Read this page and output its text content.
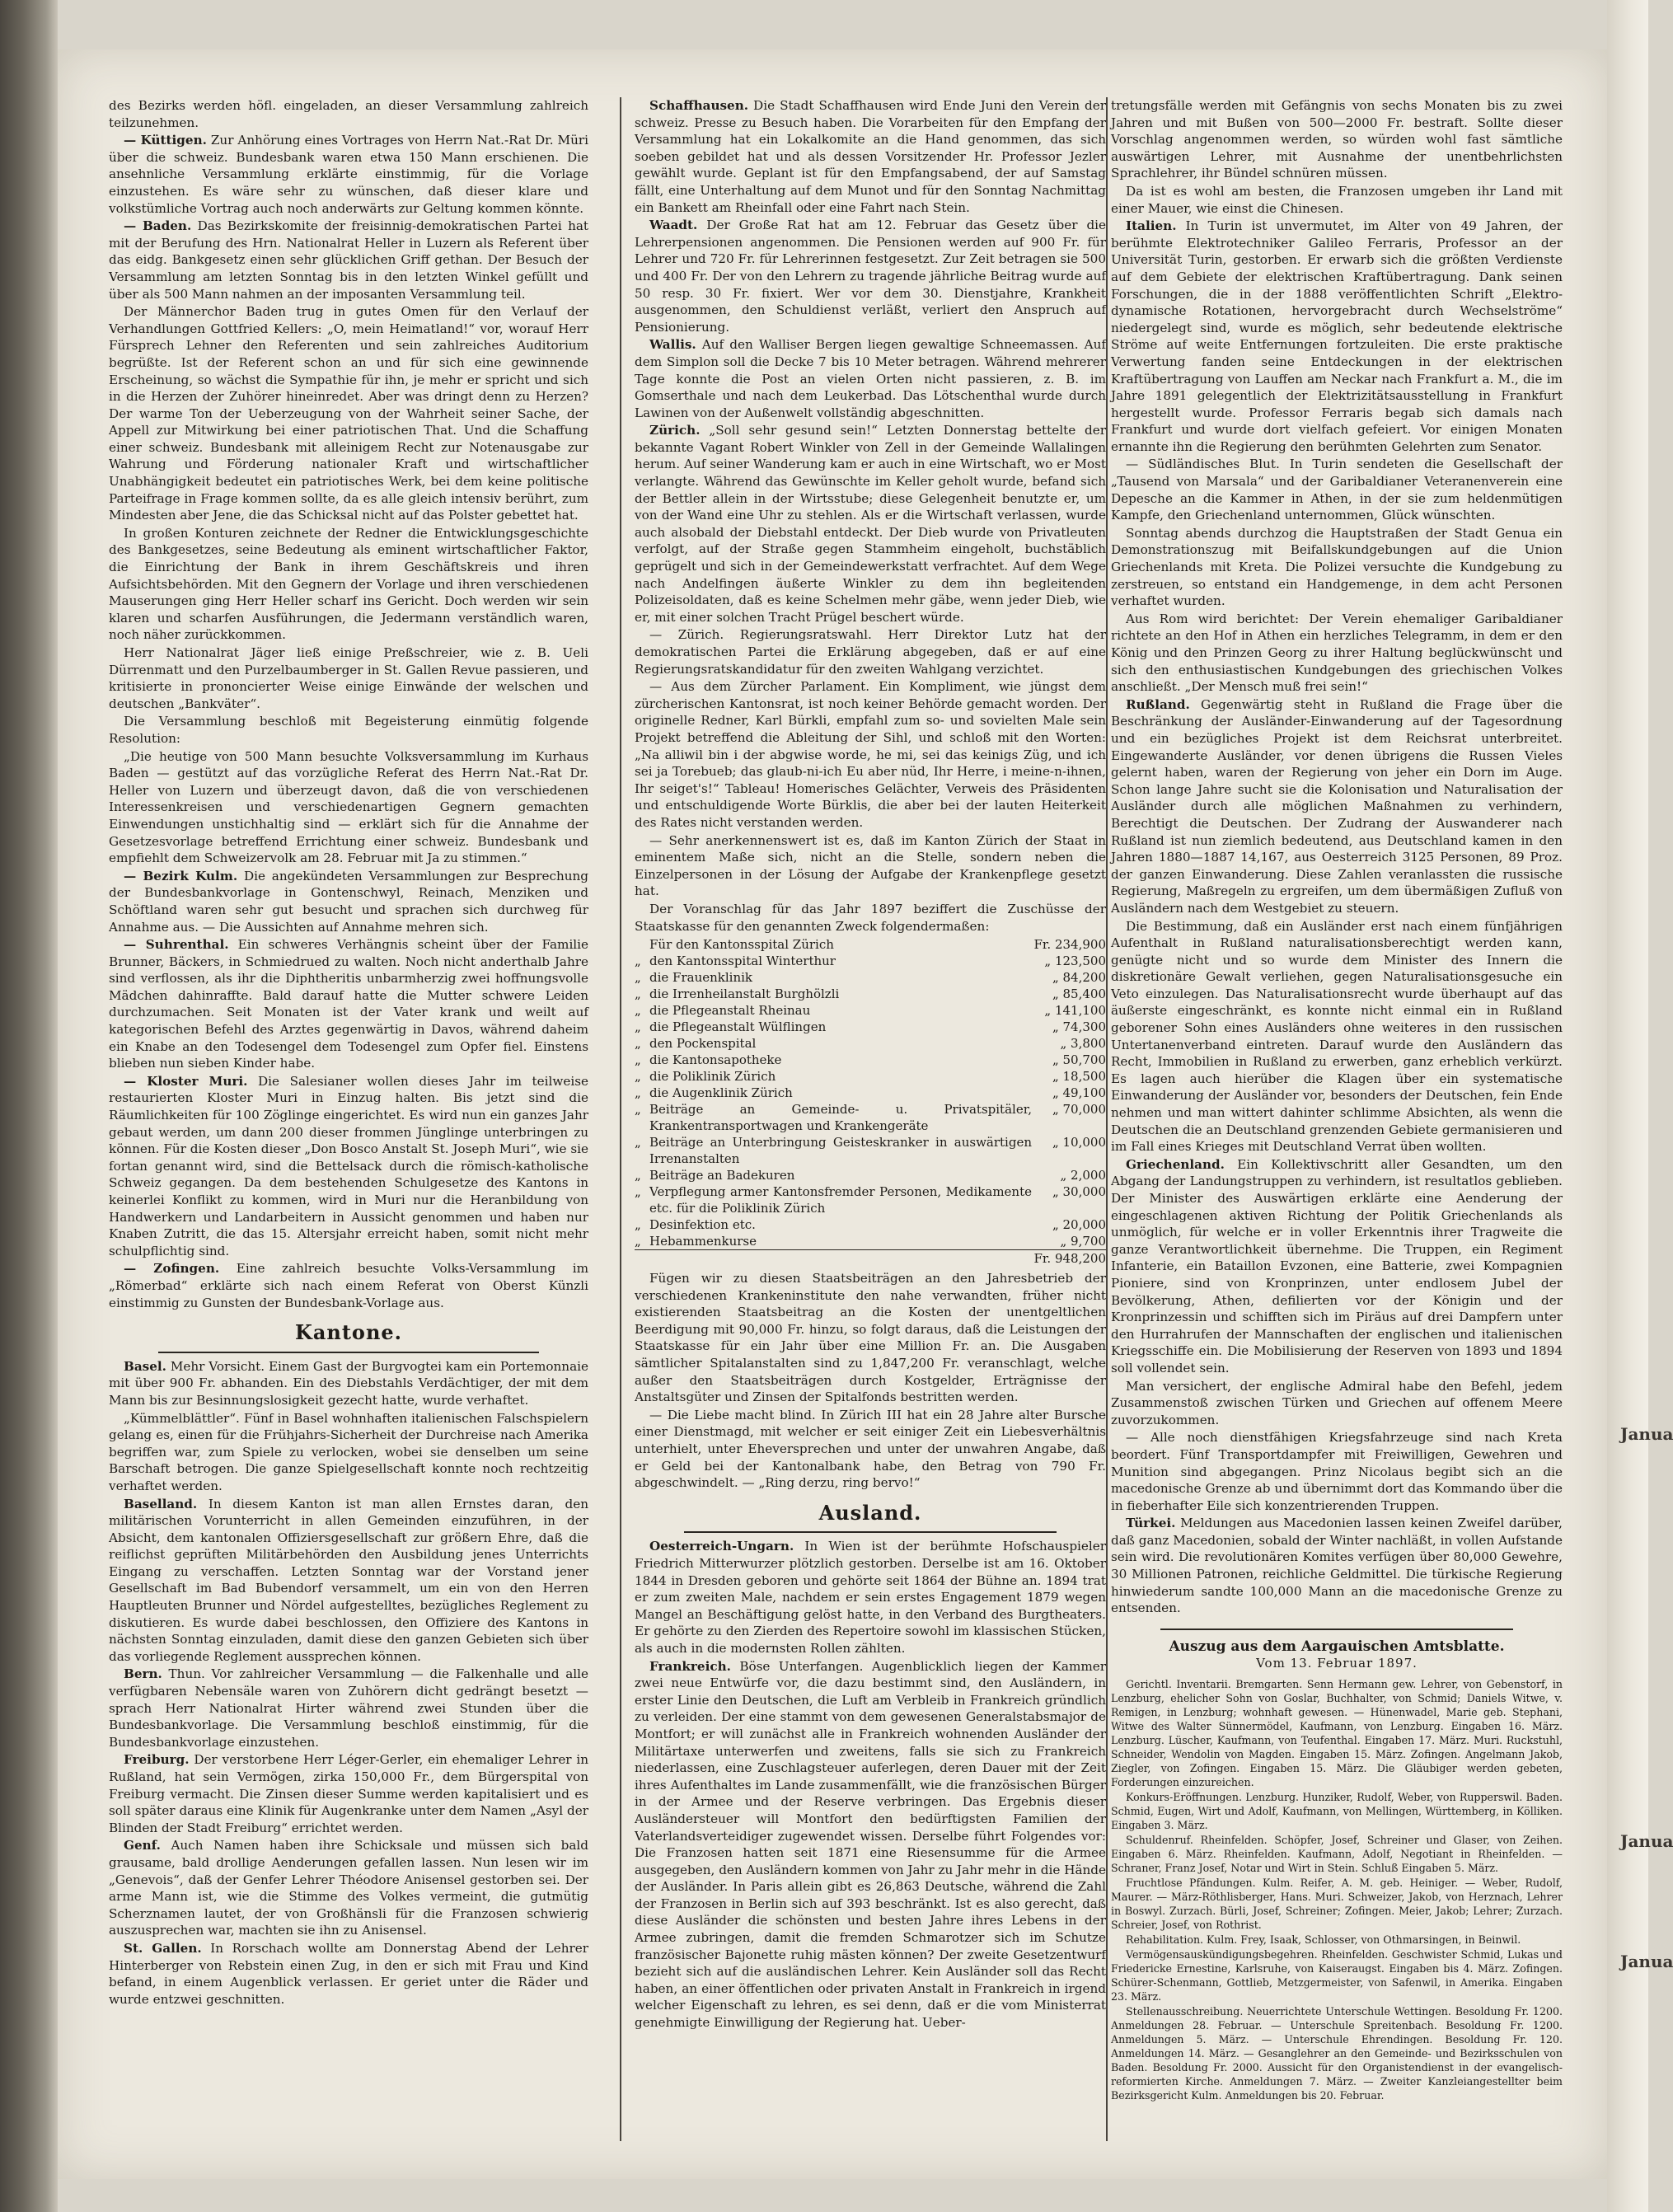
Janua
Janua
Janua

des Bezirks werden höfl. eingeladen, an dieser Versammlung zahlreich teilzunehmen.

— Küttigen. Zur Anhörung eines Vortrages von Herrn Nat.-Rat Dr. Müri über die schweiz. Bundesbank waren etwa 150 Mann erschienen. Die ansehnliche Versammlung erklärte einstimmig, für die Vorlage einzustehen. Es wäre sehr zu wünschen, daß dieser klare und volkstümliche Vortrag auch noch anderwärts zur Geltung kommen könnte.

— Baden. Das Bezirkskomite der freisinnig-demokratischen Partei hat mit der Berufung des Hrn. Nationalrat Heller in Luzern als Referent über das eidg. Bankgesetz einen sehr glücklichen Griff gethan. Der Besuch der Versammlung am letzten Sonntag bis in den letzten Winkel gefüllt und über als 500 Mann nahmen an der imposanten Versammlung teil.

Der Männerchor Baden trug in gutes Omen für den Verlauf der Verhandlungen Gottfried Kellers: „O, mein Heimatland!“ vor, worauf Herr Fürsprech Lehner den Referenten und sein zahlreiches Auditorium begrüßte. Ist der Referent schon an und für sich eine gewinnende Erscheinung, so wächst die Sympathie für ihn, je mehr er spricht und sich in die Herzen der Zuhörer hineinredet. Aber was dringt denn zu Herzen? Der warme Ton der Ueberzeugung von der Wahrheit seiner Sache, der Appell zur Mitwirkung bei einer patriotischen That. Und die Schaffung einer schweiz. Bundesbank mit alleinigem Recht zur Notenausgabe zur Wahrung und Förderung nationaler Kraft und wirtschaftlicher Unabhängigkeit bedeutet ein patriotisches Werk, bei dem keine politische Parteifrage in Frage kommen sollte, da es alle gleich intensiv berührt, zum Mindesten aber Jene, die das Schicksal nicht auf das Polster gebettet hat.

In großen Konturen zeichnete der Redner die Entwicklungsgeschichte des Bankgesetzes, seine Bedeutung als eminent wirtschaftlicher Faktor, die Einrichtung der Bank in ihrem Geschäftskreis und ihren Aufsichtsbehörden. Mit den Gegnern der Vorlage und ihren verschiedenen Mauserungen ging Herr Heller scharf ins Gericht. Doch werden wir sein klaren und scharfen Ausführungen, die Jedermann verständlich waren, noch näher zurückkommen.

Herr Nationalrat Jäger ließ einige Preßschreier, wie z. B. Ueli Dürrenmatt und den Purzelbaumberger in St. Gallen Revue passieren, und kritisierte in prononcierter Weise einige Einwände der welschen und deutschen „Bankväter“.

Die Versammlung beschloß mit Begeisterung einmütig folgende Resolution:

„Die heutige von 500 Mann besuchte Volksversammlung im Kurhaus Baden — gestützt auf das vorzügliche Referat des Herrn Nat.-Rat Dr. Heller von Luzern und überzeugt davon, daß die von verschiedenen Interessenkreisen und verschiedenartigen Gegnern gemachten Einwendungen unstichhaltig sind — erklärt sich für die Annahme der Gesetzesvorlage betreffend Errichtung einer schweiz. Bundesbank und empfiehlt dem Schweizervolk am 28. Februar mit Ja zu stimmen.“

— Bezirk Kulm. Die angekündeten Versammlungen zur Besprechung der Bundesbankvorlage in Gontenschwyl, Reinach, Menziken und Schöftland waren sehr gut besucht und sprachen sich durchweg für Annahme aus. — Die Aussichten auf Annahme mehren sich.

— Suhrenthal. Ein schweres Verhängnis scheint über der Familie Brunner, Bäckers, in Schmiedrued zu walten. Noch nicht anderthalb Jahre sind verflossen, als ihr die Diphtheritis unbarmherzig zwei hoffnungsvolle Mädchen dahinraffte. Bald darauf hatte die Mutter schwere Leiden durchzumachen. Seit Monaten ist der Vater krank und weilt auf kategorischen Befehl des Arztes gegenwärtig in Davos, während daheim ein Knabe an den Todesengel dem Todesengel zum Opfer fiel. Einstens blieben nun sieben Kinder habe.

— Kloster Muri. Die Salesianer wollen dieses Jahr im teilweise restaurierten Kloster Muri in Einzug halten. Bis jetzt sind die Räumlichkeiten für 100 Zöglinge eingerichtet. Es wird nun ein ganzes Jahr gebaut werden, um dann 200 dieser frommen Jünglinge unterbringen zu können. Für die Kosten dieser „Don Bosco Anstalt St. Joseph Muri“, wie sie fortan genannt wird, sind die Bettelsack durch die römisch-katholische Schweiz gegangen. Da dem bestehenden Schulgesetze des Kantons in keinerlei Konflikt zu kommen, wird in Muri nur die Heranbildung von Handwerkern und Landarbeitern in Aussicht genommen und haben nur Knaben Zutritt, die das 15. Altersjahr erreicht haben, somit nicht mehr schulpflichtig sind.

— Zofingen. Eine zahlreich besuchte Volks-Versammlung im „Römerbad“ erklärte sich nach einem Referat von Oberst Künzli einstimmig zu Gunsten der Bundesbank-Vorlage aus.

Kantone.

Basel. Mehr Vorsicht. Einem Gast der Burgvogtei kam ein Portemonnaie mit über 900 Fr. abhanden. Ein des Diebstahls Verdächtiger, der mit dem Mann bis zur Besinnungslosigkeit gezecht hatte, wurde verhaftet.

„Kümmelblättler“. Fünf in Basel wohnhaften italienischen Falschspielern gelang es, einen für die Frühjahrs-Sicherheit der Durchreise nach Amerika begriffen war, zum Spiele zu verlocken, wobei sie denselben um seine Barschaft betrogen. Die ganze Spielgesellschaft konnte noch rechtzeitig verhaftet werden.

Baselland. In diesem Kanton ist man allen Ernstes daran, den militärischen Vorunterricht in allen Gemeinden einzuführen, in der Absicht, dem kantonalen Offiziersgesellschaft zur größern Ehre, daß die reiflichst geprüften Militärbehörden den Ausbildung jenes Unterrichts Eingang zu verschaffen. Letzten Sonntag war der Vorstand jener Gesellschaft im Bad Bubendorf versammelt, um ein von den Herren Hauptleuten Brunner und Nördel aufgestelltes, bezügliches Reglement zu diskutieren. Es wurde dabei beschlossen, den Offiziere des Kantons in nächsten Sonntag einzuladen, damit diese den ganzen Gebieten sich über das vorliegende Reglement aussprechen können.

Bern. Thun. Vor zahlreicher Versammlung — die Falkenhalle und alle verfügbaren Nebensäle waren von Zuhörern dicht gedrängt besetzt — sprach Herr Nationalrat Hirter während zwei Stunden über die Bundesbankvorlage. Die Versammlung beschloß einstimmig, für die Bundesbankvorlage einzustehen.

Freiburg. Der verstorbene Herr Léger-Gerler, ein ehemaliger Lehrer in Rußland, hat sein Vermögen, zirka 150,000 Fr., dem Bürgerspital von Freiburg vermacht. Die Zinsen dieser Summe werden kapitalisiert und es soll später daraus eine Klinik für Augenkranke unter dem Namen „Asyl der Blinden der Stadt Freiburg“ errichtet werden.

Genf. Auch Namen haben ihre Schicksale und müssen sich bald grausame, bald drollige Aenderungen gefallen lassen. Nun lesen wir im „Genevois“, daß der Genfer Lehrer Théodore Anisensel gestorben sei. Der arme Mann ist, wie die Stimme des Volkes vermeint, die gutmütig Scherznamen lautet, der von Großhänsli für die Franzosen schwierig auszusprechen war, machten sie ihn zu Anisensel.

St. Gallen. In Rorschach wollte am Donnerstag Abend der Lehrer Hinterberger von Rebstein einen Zug, in den er sich mit Frau und Kind befand, in einem Augenblick verlassen. Er geriet unter die Räder und wurde entzwei geschnitten.

Schaffhausen. Die Stadt Schaffhausen wird Ende Juni den Verein der schweiz. Presse zu Besuch haben. Die Vorarbeiten für den Empfang der Versammlung hat ein Lokalkomite an die Hand genommen, das sich soeben gebildet hat und als dessen Vorsitzender Hr. Professor Jezler gewählt wurde. Geplant ist für den Empfangsabend, der auf Samstag fällt, eine Unterhaltung auf dem Munot und für den Sonntag Nachmittag ein Bankett am Rheinfall oder eine Fahrt nach Stein.

Waadt. Der Große Rat hat am 12. Februar das Gesetz über die Lehrerpensionen angenommen. Die Pensionen werden auf 900 Fr. für Lehrer und 720 Fr. für Lehrerinnen festgesetzt. Zur Zeit betragen sie 500 und 400 Fr. Der von den Lehrern zu tragende jährliche Beitrag wurde auf 50 resp. 30 Fr. fixiert. Wer vor dem 30. Dienstjahre, Krankheit ausgenommen, den Schuldienst verläßt, verliert den Anspruch auf Pensionierung.

Wallis. Auf den Walliser Bergen liegen gewaltige Schneemassen. Auf dem Simplon soll die Decke 7 bis 10 Meter betragen. Während mehrerer Tage konnte die Post an vielen Orten nicht passieren, z. B. im Gomserthale und nach dem Leukerbad. Das Lötschenthal wurde durch Lawinen von der Außenwelt vollständig abgeschnitten.

Zürich. „Soll sehr gesund sein!“ Letzten Donnerstag bettelte der bekannte Vagant Robert Winkler von Zell in der Gemeinde Wallalingen herum. Auf seiner Wanderung kam er auch in eine Wirtschaft, wo er Most verlangte. Während das Gewünschte im Keller geholt wurde, befand sich der Bettler allein in der Wirtsstube; diese Gelegenheit benutzte er, um von der Wand eine Uhr zu stehlen. Als er die Wirtschaft verlassen, wurde auch alsobald der Diebstahl entdeckt. Der Dieb wurde von Privatleuten verfolgt, auf der Straße gegen Stammheim eingeholt, buchstäblich geprügelt und sich in der Gemeindewerkstatt verfrachtet. Auf dem Wege nach Andelfingen äußerte Winkler zu dem ihn begleitenden Polizeisoldaten, daß es keine Schelmen mehr gäbe, wenn jeder Dieb, wie er, mit einer solchen Tracht Prügel beschert würde.

— Zürich. Regierungsratswahl. Herr Direktor Lutz hat der demokratischen Partei die Erklärung abgegeben, daß er auf eine Regierungsratskandidatur für den zweiten Wahlgang verzichtet.

— Aus dem Zürcher Parlament. Ein Kompliment, wie jüngst dem zürcherischen Kantonsrat, ist noch keiner Behörde gemacht worden. Der originelle Redner, Karl Bürkli, empfahl zum so- und sovielten Male sein Projekt betreffend die Ableitung der Sihl, und schloß mit den Worten: „Na alliwil bin i der abgwise worde, he mi, sei das keinigs Züg, und ich sei ja Torebueb; das glaub-ni-ich Eu aber nüd, Ihr Herre, i meine-n-ihnen, Ihr seiget's!“ Tableau! Homerisches Gelächter, Verweis des Präsidenten und entschuldigende Worte Bürklis, die aber bei der lauten Heiterkeit des Rates nicht verstanden werden.

— Sehr anerkennenswert ist es, daß im Kanton Zürich der Staat in eminentem Maße sich, nicht an die Stelle, sondern neben die Einzelpersonen in der Lösung der Aufgabe der Krankenpflege gesetzt hat.

Der Voranschlag für das Jahr 1897 beziffert die Zuschüsse der Staatskasse für den genannten Zweck folgendermaßen:

	Für den Kantonsspital Zürich	Fr. 234,900
„	den Kantonsspital Winterthur	„ 123,500
„	die Frauenklinik	„ 84,200
„	die Irrenheilanstalt Burghölzli	„ 85,400
„	die Pflegeanstalt Rheinau	„ 141,100
„	die Pflegeanstalt Wülflingen	„ 74,300
„	den Pockenspital	„ 3,800
„	die Kantonsapotheke	„ 50,700
„	die Poliklinik Zürich	„ 18,500
„	die Augenklinik Zürich	„ 49,100
„	Beiträge an Gemeinde- u. Privatspitäler, Krankentransportwagen und Krankengeräte	„ 70,000
„	Beiträge an Unterbringung Geisteskranker in auswärtigen Irrenanstalten	„ 10,000
„	Beiträge an Badekuren	„ 2,000
„	Verpflegung armer Kantonsfremder Personen, Medikamente etc. für die Poliklinik Zürich	„ 30,000
„	Desinfektion etc.	„ 20,000
„	Hebammenkurse	„ 9,700
		Fr. 948,200

Fügen wir zu diesen Staatsbeiträgen an den Jahresbetrieb der verschiedenen Krankeninstitute den nahe verwandten, früher nicht existierenden Staatsbeitrag an die Kosten der unentgeltlichen Beerdigung mit 90,000 Fr. hinzu, so folgt daraus, daß die Leistungen der Staatskasse für ein Jahr über eine Million Fr. an. Die Ausgaben sämtlicher Spitalanstalten sind zu 1,847,200 Fr. veranschlagt, welche außer den Staatsbeiträgen durch Kostgelder, Erträgnisse der Anstaltsgüter und Zinsen der Spitalfonds bestritten werden.

— Die Liebe macht blind. In Zürich III hat ein 28 Jahre alter Bursche einer Dienstmagd, mit welcher er seit einiger Zeit ein Liebesverhältnis unterhielt, unter Eheversprechen und unter der unwahren Angabe, daß er Geld bei der Kantonalbank habe, den Betrag von 790 Fr. abgeschwindelt. — „Ring derzu, ring bervo!“

Ausland.

Oesterreich-Ungarn. In Wien ist der berühmte Hofschauspieler Friedrich Mitterwurzer plötzlich gestorben. Derselbe ist am 16. Oktober 1844 in Dresden geboren und gehörte seit 1864 der Bühne an. 1894 trat er zum zweiten Male, nachdem er sein erstes Engagement 1879 wegen Mangel an Beschäftigung gelöst hatte, in den Verband des Burgtheaters. Er gehörte zu den Zierden des Repertoire sowohl im klassischen Stücken, als auch in die modernsten Rollen zählten.

Frankreich. Böse Unterfangen. Augenblicklich liegen der Kammer zwei neue Entwürfe vor, die dazu bestimmt sind, den Ausländern, in erster Linie den Deutschen, die Luft am Verbleib in Frankreich gründlich zu verleiden. Der eine stammt von dem gewesenen Generalstabsmajor de Montfort; er will zunächst alle in Frankreich wohnenden Ausländer der Militärtaxe unterwerfen und zweitens, falls sie sich zu Frankreich niederlassen, eine Zuschlagsteuer auferlegen, deren Dauer mit der Zeit ihres Aufenthaltes im Lande zusammenfällt, wie die französischen Bürger in der Armee und der Reserve verbringen. Das Ergebnis dieser Ausländersteuer will Montfort den bedürftigsten Familien der Vaterlandsverteidiger zugewendet wissen. Derselbe führt Folgendes vor: Die Franzosen hatten seit 1871 eine Riesensumme für die Armee ausgegeben, den Ausländern kommen von Jahr zu Jahr mehr in die Hände der Ausländer. In Paris allein gibt es 26,863 Deutsche, während die Zahl der Franzosen in Berlin sich auf 393 beschränkt. Ist es also gerecht, daß diese Ausländer die schönsten und besten Jahre ihres Lebens in der Armee zubringen, damit die fremden Schmarotzer sich im Schutze französischer Bajonette ruhig mästen können? Der zweite Gesetzentwurf bezieht sich auf die ausländischen Lehrer. Kein Ausländer soll das Recht haben, an einer öffentlichen oder privaten Anstalt in Frankreich in irgend welcher Eigenschaft zu lehren, es sei denn, daß er die vom Ministerrat genehmigte Einwilligung der Regierung hat. Ueber-

tretungsfälle werden mit Gefängnis von sechs Monaten bis zu zwei Jahren und mit Bußen von 500—2000 Fr. bestraft. Sollte dieser Vorschlag angenommen werden, so würden wohl fast sämtliche auswärtigen Lehrer, mit Ausnahme der unentbehrlichsten Sprachlehrer, ihr Bündel schnüren müssen.

Da ist es wohl am besten, die Franzosen umgeben ihr Land mit einer Mauer, wie einst die Chinesen.

Italien. In Turin ist unvermutet, im Alter von 49 Jahren, der berühmte Elektrotechniker Galileo Ferraris, Professor an der Universität Turin, gestorben. Er erwarb sich die größten Verdienste auf dem Gebiete der elektrischen Kraftübertragung. Dank seinen Forschungen, die in der 1888 veröffentlichten Schrift „Elektro-dynamische Rotationen, hervorgebracht durch Wechselströme“ niedergelegt sind, wurde es möglich, sehr bedeutende elektrische Ströme auf weite Entfernungen fortzuleiten. Die erste praktische Verwertung fanden seine Entdeckungen in der elektrischen Kraftübertragung von Lauffen am Neckar nach Frankfurt a. M., die im Jahre 1891 gelegentlich der Elektrizitätsausstellung in Frankfurt hergestellt wurde. Professor Ferraris begab sich damals nach Frankfurt und wurde dort vielfach gefeiert. Vor einigen Monaten ernannte ihn die Regierung den berühmten Gelehrten zum Senator.

— Südländisches Blut. In Turin sendeten die Gesellschaft der „Tausend von Marsala“ und der Garibaldianer Veteranenverein eine Depesche an die Kammer in Athen, in der sie zum heldenmütigen Kampfe, den Griechenland unternommen, Glück wünschten.

Sonntag abends durchzog die Hauptstraßen der Stadt Genua ein Demonstrationszug mit Beifallskundgebungen auf die Union Griechenlands mit Kreta. Die Polizei versuchte die Kundgebung zu zerstreuen, so entstand ein Handgemenge, in dem acht Personen verhaftet wurden.

Aus Rom wird berichtet: Der Verein ehemaliger Garibaldianer richtete an den Hof in Athen ein herzliches Telegramm, in dem er den König und den Prinzen Georg zu ihrer Haltung beglückwünscht und sich den enthusiastischen Kundgebungen des griechischen Volkes anschließt. „Der Mensch muß frei sein!“

Rußland. Gegenwärtig steht in Rußland die Frage über die Beschränkung der Ausländer-Einwanderung auf der Tagesordnung und ein bezügliches Projekt ist dem Reichsrat unterbreitet. Eingewanderte Ausländer, vor denen übrigens die Russen Vieles gelernt haben, waren der Regierung von jeher ein Dorn im Auge. Schon lange Jahre sucht sie die Kolonisation und Naturalisation der Ausländer durch alle möglichen Maßnahmen zu verhindern, Berechtigt die Deutschen. Der Zudrang der Auswanderer nach Rußland ist nun ziemlich bedeutend, aus Deutschland kamen in den Jahren 1880—1887 14,167, aus Oesterreich 3125 Personen, 89 Proz. der ganzen Einwanderung. Diese Zahlen veranlassten die russische Regierung, Maßregeln zu ergreifen, um dem übermäßigen Zufluß von Ausländern nach dem Westgebiet zu steuern.

Die Bestimmung, daß ein Ausländer erst nach einem fünfjährigen Aufenthalt in Rußland naturalisationsberechtigt werden kann, genügte nicht und so wurde dem Minister des Innern die diskretionäre Gewalt verliehen, gegen Naturalisationsgesuche ein Veto einzulegen. Das Naturalisationsrecht wurde überhaupt auf das äußerste eingeschränkt, es konnte nicht einmal ein in Rußland geborener Sohn eines Ausländers ohne weiteres in den russischen Untertanenverband eintreten. Darauf wurde den Ausländern das Recht, Immobilien in Rußland zu erwerben, ganz erheblich verkürzt. Es lagen auch hierüber die Klagen über ein systematische Einwanderung der Ausländer vor, besonders der Deutschen, fein Ende nehmen und man wittert dahinter schlimme Absichten, als wenn die Deutschen die an Deutschland grenzenden Gebiete germanisieren und im Fall eines Krieges mit Deutschland Verrat üben wollten.

Griechenland. Ein Kollektivschritt aller Gesandten, um den Abgang der Landungstruppen zu verhindern, ist resultatlos geblieben. Der Minister des Auswärtigen erklärte eine Aenderung der eingeschlagenen aktiven Richtung der Politik Griechenlands als unmöglich, für welche er in voller Erkenntnis ihrer Tragweite die ganze Verantwortlichkeit übernehme. Die Truppen, ein Regiment Infanterie, ein Bataillon Evzonen, eine Batterie, zwei Kompagnien Pioniere, sind von Kronprinzen, unter endlosem Jubel der Bevölkerung, Athen, defilierten vor der Königin und der Kronprinzessin und schifften sich im Piräus auf drei Dampfern unter den Hurrahrufen der Mannschaften der englischen und italienischen Kriegsschiffe ein. Die Mobilisierung der Reserven von 1893 und 1894 soll vollendet sein.

Man versichert, der englische Admiral habe den Befehl, jedem Zusammenstoß zwischen Türken und Griechen auf offenem Meere zuvorzukommen.

— Alle noch dienstfähigen Kriegsfahrzeuge sind nach Kreta beordert. Fünf Transportdampfer mit Freiwilligen, Gewehren und Munition sind abgegangen. Prinz Nicolaus begibt sich an die macedonische Grenze ab und übernimmt dort das Kommando über die in fieberhafter Eile sich konzentrierenden Truppen.

Türkei. Meldungen aus Macedonien lassen keinen Zweifel darüber, daß ganz Macedonien, sobald der Winter nachläßt, in vollen Aufstande sein wird. Die revolutionären Komites verfügen über 80,000 Gewehre, 30 Millionen Patronen, reichliche Geldmittel. Die türkische Regierung hinwiederum sandte 100,000 Mann an die macedonische Grenze zu entsenden.

Auszug aus dem Aargauischen Amtsblatte.
Vom 13. Februar 1897.

Gerichtl. Inventarii. Bremgarten. Senn Hermann gew. Lehrer, von Gebenstorf, in Lenzburg, ehelicher Sohn von Goslar, Buchhalter, von Schmid; Daniels Witwe, v. Remigen, in Lenzburg; wohnhaft gewesen. — Hünenwadel, Marie geb. Stephani, Witwe des Walter Sünnermödel, Kaufmann, von Lenzburg. Eingaben 16. März. Lenzburg. Lüscher, Kaufmann, von Teufenthal. Eingaben 17. März. Muri. Ruckstuhl, Schneider, Wendolin von Magden. Eingaben 15. März. Zofingen. Angelmann Jakob, Ziegler, von Zofingen. Eingaben 15. März. Die Gläubiger werden gebeten, Forderungen einzureichen.

Konkurs-Eröffnungen. Lenzburg. Hunziker, Rudolf, Weber, von Rupperswil. Baden. Schmid, Eugen, Wirt und Adolf, Kaufmann, von Mellingen, Württemberg, in Kölliken. Eingaben 3. März.

Schuldenruf. Rheinfelden. Schöpfer, Josef, Schreiner und Glaser, von Zeihen. Eingaben 6. März. Rheinfelden. Kaufmann, Adolf, Negotiant in Rheinfelden. — Schraner, Franz Josef, Notar und Wirt in Stein. Schluß Eingaben 5. März.

Fruchtlose Pfändungen. Kulm. Reifer, A. M. geb. Heiniger. — Weber, Rudolf, Maurer. — März-Röthlisberger, Hans. Muri. Schweizer, Jakob, von Herznach, Lehrer in Boswyl. Zurzach. Bürli, Josef, Schreiner; Zofingen. Meier, Jakob; Lehrer; Zurzach. Schreier, Josef, von Rothrist.

Rehabilitation. Kulm. Frey, Isaak, Schlosser, von Othmarsingen, in Beinwil.

Vermögensauskündigungsbegehren. Rheinfelden. Geschwister Schmid, Lukas und Friedericke Ernestine, Karlsruhe, von Kaiseraugst. Eingaben bis 4. März. Zofingen. Schürer-Schenmann, Gottlieb, Metzgermeister, von Safenwil, in Amerika. Eingaben 23. März.

Stellenausschreibung. Neuerrichtete Unterschule Wettingen. Besoldung Fr. 1200. Anmeldungen 28. Februar. — Unterschule Spreitenbach. Besoldung Fr. 1200. Anmeldungen 5. März. — Unterschule Ehrendingen. Besoldung Fr. 120. Anmeldungen 14. März. — Gesanglehrer an den Gemeinde- und Bezirksschulen von Baden. Besoldung Fr. 2000. Aussicht für den Organistendienst in der evangelisch-reformierten Kirche. Anmeldungen 7. März. — Zweiter Kanzleiangestellter beim Bezirksgericht Kulm. Anmeldungen bis 20. Februar.
